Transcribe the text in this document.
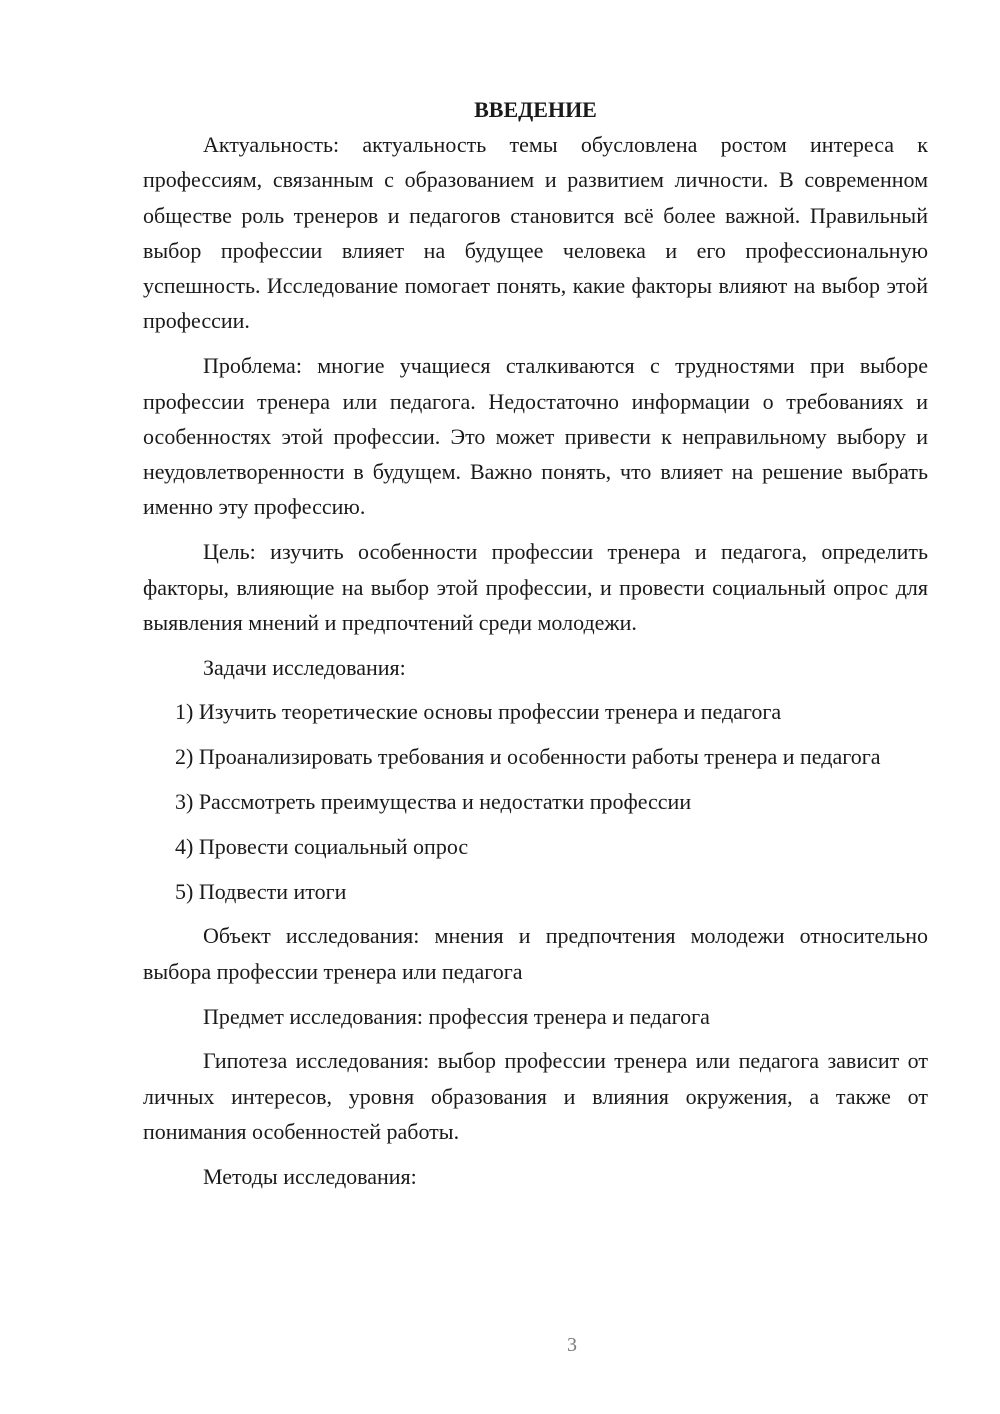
ВВЕДЕНИЕ

Актуальность: актуальность темы обусловлена ростом интереса к профессиям, связанным с образованием и развитием личности. В современном обществе роль тренеров и педагогов становится всё более важной. Правильный выбор профессии влияет на будущее человека и его профессиональную успешность. Исследование помогает понять, какие факторы влияют на выбор этой профессии.

Проблема: многие учащиеся сталкиваются с трудностями при выборе профессии тренера или педагога. Недостаточно информации о требованиях и особенностях этой профессии. Это может привести к неправильному выбору и неудовлетворенности в будущем. Важно понять, что влияет на решение выбрать именно эту профессию.

Цель: изучить особенности профессии тренера и педагога, определить факторы, влияющие на выбор этой профессии, и провести социальный опрос для выявления мнений и предпочтений среди молодежи.

Задачи исследования:

1) Изучить теоретические основы профессии тренера и педагога

2) Проанализировать требования и особенности работы тренера и педагога

3) Рассмотреть преимущества и недостатки профессии

4) Провести социальный опрос

5) Подвести итоги

Объект исследования: мнения и предпочтения молодежи относительно выбора профессии тренера или педагога

Предмет исследования: профессия тренера и педагога

Гипотеза исследования: выбор профессии тренера или педагога зависит от личных интересов, уровня образования и влияния окружения, а также от понимания особенностей работы.

Методы исследования:

3
